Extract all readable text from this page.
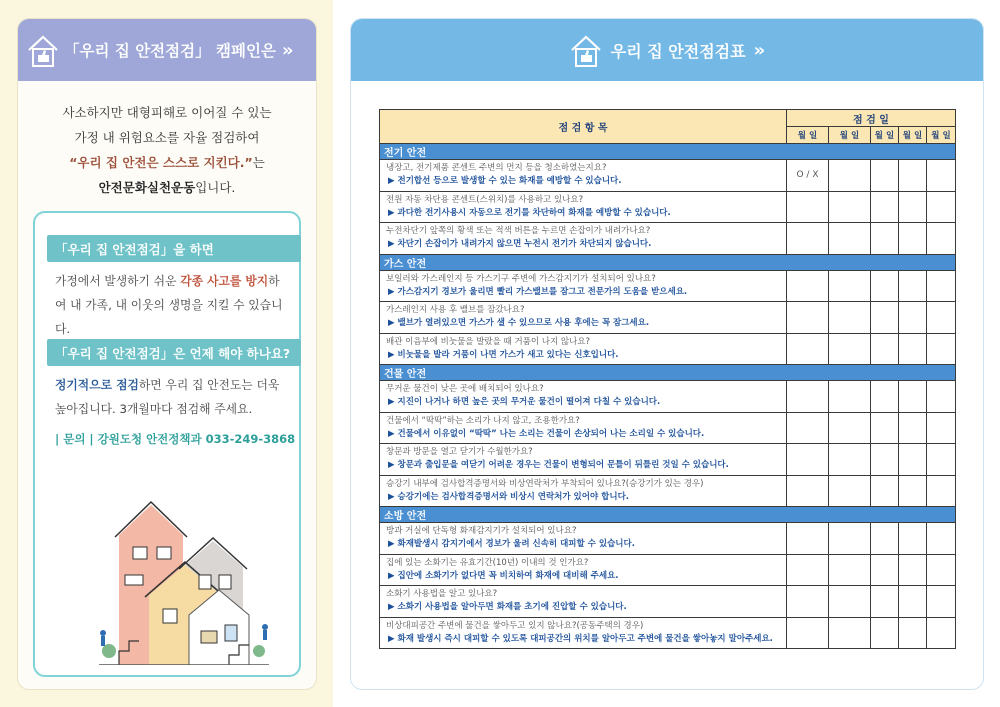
「우리 집 안전점검」 캠페인은 »
사소하지만 대형피해로 이어질 수 있는
가정 내 위험요소를 자율 점검하여
“우리 집 안전은 스스로 지킨다.”는
안전문화실천운동입니다.
「우리 집 안전점검」을 하면
가정에서 발생하기 쉬운 각종 사고를 방지하여 내 가족, 내 이웃의 생명을 지킬 수 있습니다.
「우리 집 안전점검」은 언제 해야 하나요?
정기적으로 점검하면 우리 집 안전도는 더욱 높아집니다. 3개월마다 점검해 주세요.
| 문의 | 강원도청 안전정책과 033-249-3868
우리 집 안전점검표 »
점 검 항 목	점 검 일				
	월 일	월 일	월 일	월 일	월 일
전기 안전					

냉장고, 전기제품 콘센트 주변의 먼지 등을 청소하였는지요?
▶ 전기합선 등으로 발생할 수 있는 화재를 예방할 수 있습니다.	O / X				

전원 자동 차단용 콘센트(스위치)를 사용하고 있나요?
▶ 과다한 전기사용시 자동으로 전기를 차단하여 화재를 예방할 수 있습니다.					

누전차단기 앞쪽의 황색 또는 적색 버튼을 누르면 손잡이가 내려가나요?
▶ 차단기 손잡이가 내려가지 않으면 누전시 전기가 차단되지 않습니다.					

가스 안전					

보일러와 가스레인지 등 가스기구 주변에 가스감지기가 설치되어 있나요?
▶ 가스감지기 경보가 울리면 빨리 가스밸브를 잠그고 전문가의 도움을 받으세요.					

가스레인지 사용 후 밸브를 잠갔나요?
▶ 밸브가 열려있으면 가스가 샐 수 있으므로 사용 후에는 꼭 잠그세요.					

배관 이음부에 비눗물을 발랐을 때 거품이 나지 않나요?
▶ 비눗물을 발라 거품이 나면 가스가 새고 있다는 신호입니다.					

건물 안전					

무거운 물건이 낮은 곳에 배치되어 있나요?
▶ 지진이 나거나 하면 높은 곳의 무거운 물건이 떨어져 다칠 수 있습니다.					

건물에서 “딱딱”하는 소리가 나지 않고, 조용한가요?
▶ 건물에서 이유없이 “딱딱” 나는 소리는 건물이 손상되어 나는 소리일 수 있습니다.					

창문과 방문을 열고 닫기가 수월한가요?
▶ 창문과 출입문을 여닫기 어려운 경우는 건물이 변형되어 문틀이 뒤틀린 것일 수 있습니다.					

승강기 내부에 검사합격증명서와 비상연락처가 부착되어 있나요?(승강기가 있는 경우)
▶ 승강기에는 검사합격증명서와 비상시 연락처가 있어야 합니다.					

소방 안전					

방과 거실에 단독형 화재감지기가 설치되어 있나요?
▶ 화재발생시 감지기에서 경보가 울려 신속히 대피할 수 있습니다.					

집에 있는 소화기는 유효기간(10년) 이내의 것 인가요?
▶ 집안에 소화기가 없다면 꼭 비치하여 화재에 대비해 주세요.					

소화기 사용법을 알고 있나요?
▶ 소화기 사용법을 알아두면 화재를 초기에 진압할 수 있습니다.					

비상대피공간 주변에 물건을 쌓아두고 있지 않나요?(공동주택의 경우)
▶ 화재 발생시 즉시 대피할 수 있도록 대피공간의 위치를 알아두고 주변에 물건을 쌓아놓지 말아주세요.					
